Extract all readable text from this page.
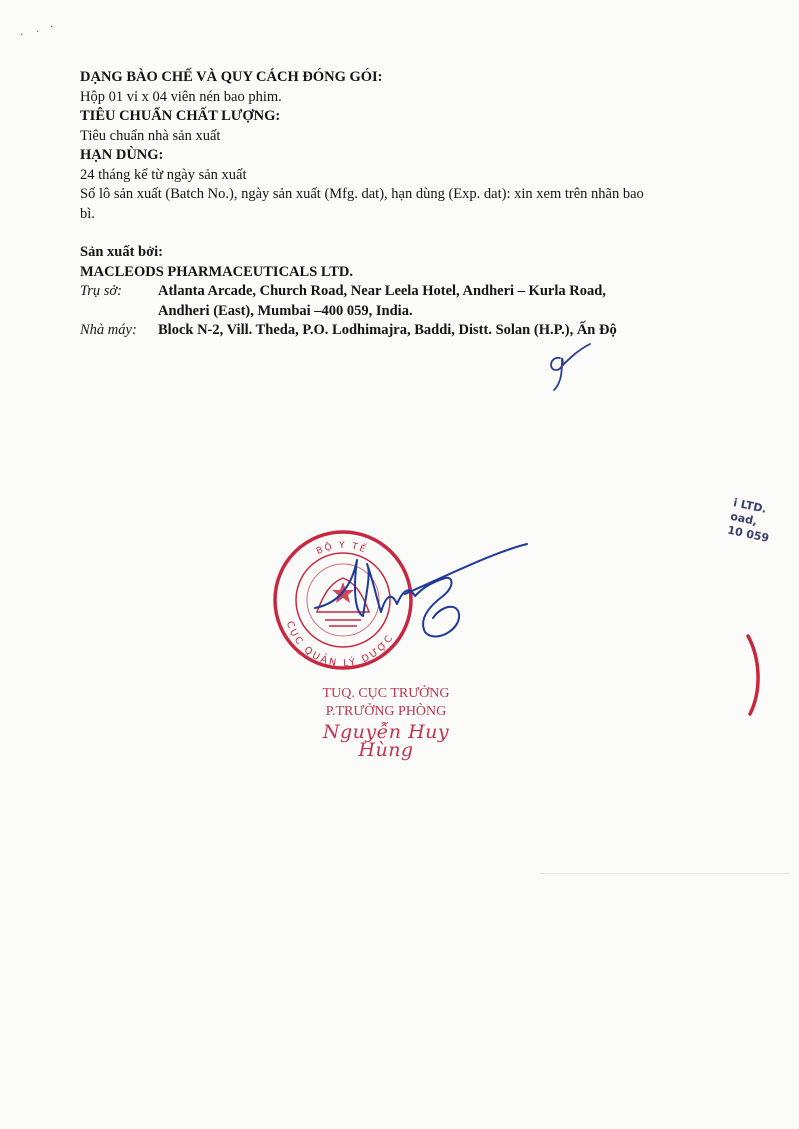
· · ·
DẠNG BÀO CHẾ VÀ QUY CÁCH ĐÓNG GÓI:
Hộp 01 vỉ x 04 viên nén bao phim.
TIÊU CHUẨN CHẤT LƯỢNG:
Tiêu chuẩn nhà sản xuất
HẠN DÙNG:
24 tháng kể từ ngày sản xuất
Số lô sản xuất (Batch No.), ngày sản xuất (Mfg. dat), hạn dùng (Exp. dat): xin xem trên nhãn bao
bì.
Sản xuất bởi:
MACLEODS PHARMACEUTICALS LTD.
Trụ sở:	Atlanta Arcade, Church Road, Near Leela Hotel, Andheri – Kurla Road,
Andheri (East), Mumbai –400 059, India.
Nhà máy:	Block N-2, Vill. Theda, P.O. Lodhimajra, Baddi, Distt. Solan (H.P.), Ấn Độ
BỘ Y TẾ
CỤC QUẢN LÝ DƯỢC
TUQ. CỤC TRƯỞNG
P.TRƯỞNG PHÒNG
Nguyễn Huy Hùng
i LTD.
oad,
10 059
